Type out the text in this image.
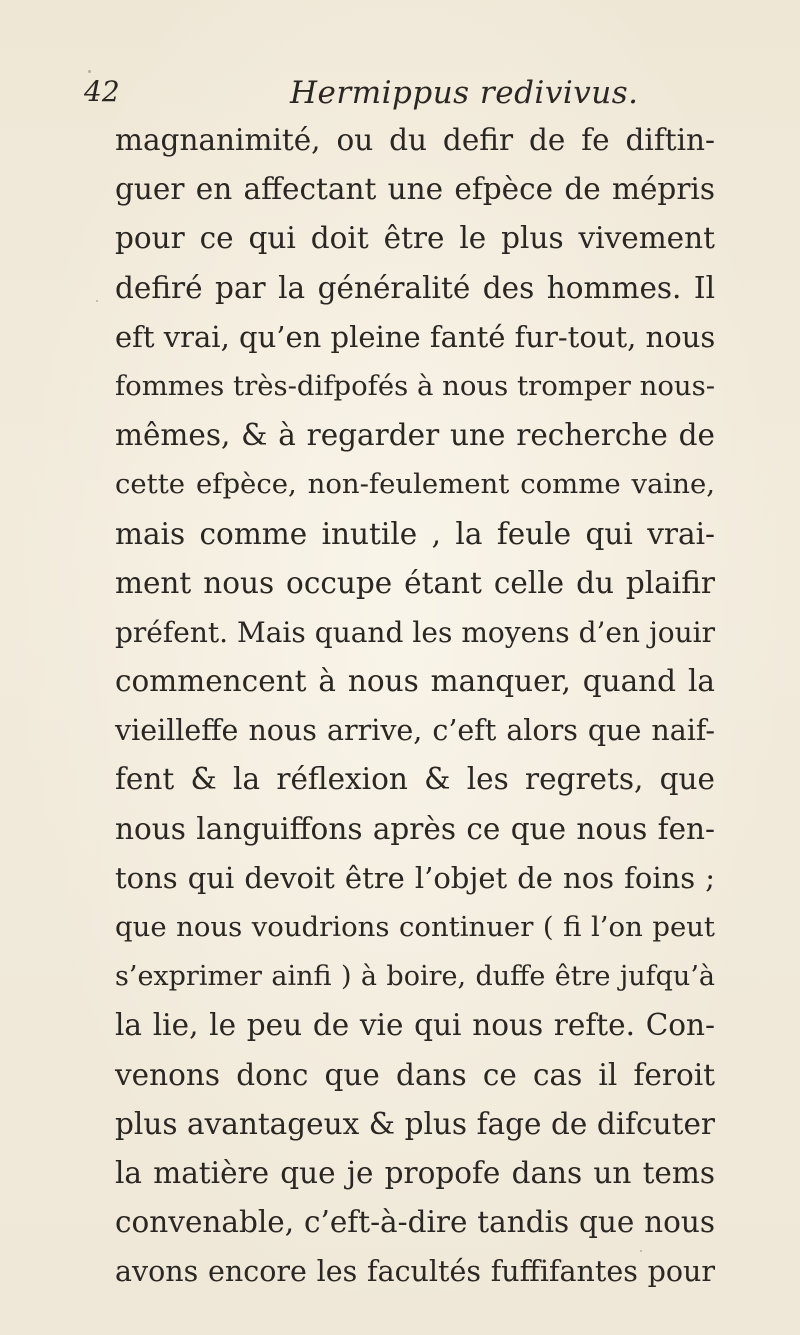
42	Hermippus redivivus.
magnanimité, ou du defir de fe diftin-
guer en affectant une efpèce de mépris
pour ce qui doit être le plus vivement
defiré par la généralité des hommes. Il
eft vrai, qu’en pleine fanté fur-tout, nous
fommes très-difpofés à nous tromper nous-
mêmes, & à regarder une recherche de
cette efpèce, non-feulement comme vaine,
mais comme inutile , la feule qui vrai-
ment nous occupe étant celle du plaifir
préfent. Mais quand les moyens d’en jouir
commencent à nous manquer, quand la
vieilleffe nous arrive, c’eft alors que naif-
fent & la réflexion & les regrets, que
nous languiffons après ce que nous fen-
tons qui devoit être l’objet de nos foins ;
que nous voudrions continuer ( fi l’on peut
s’exprimer ainfi ) à boire, duffe être jufqu’à
la lie, le peu de vie qui nous refte. Con-
venons donc que dans ce cas il feroit
plus avantageux & plus fage de difcuter
la matière que je propofe dans un tems
convenable, c’eft-à-dire tandis que nous
avons encore les facultés fuffifantes pour
